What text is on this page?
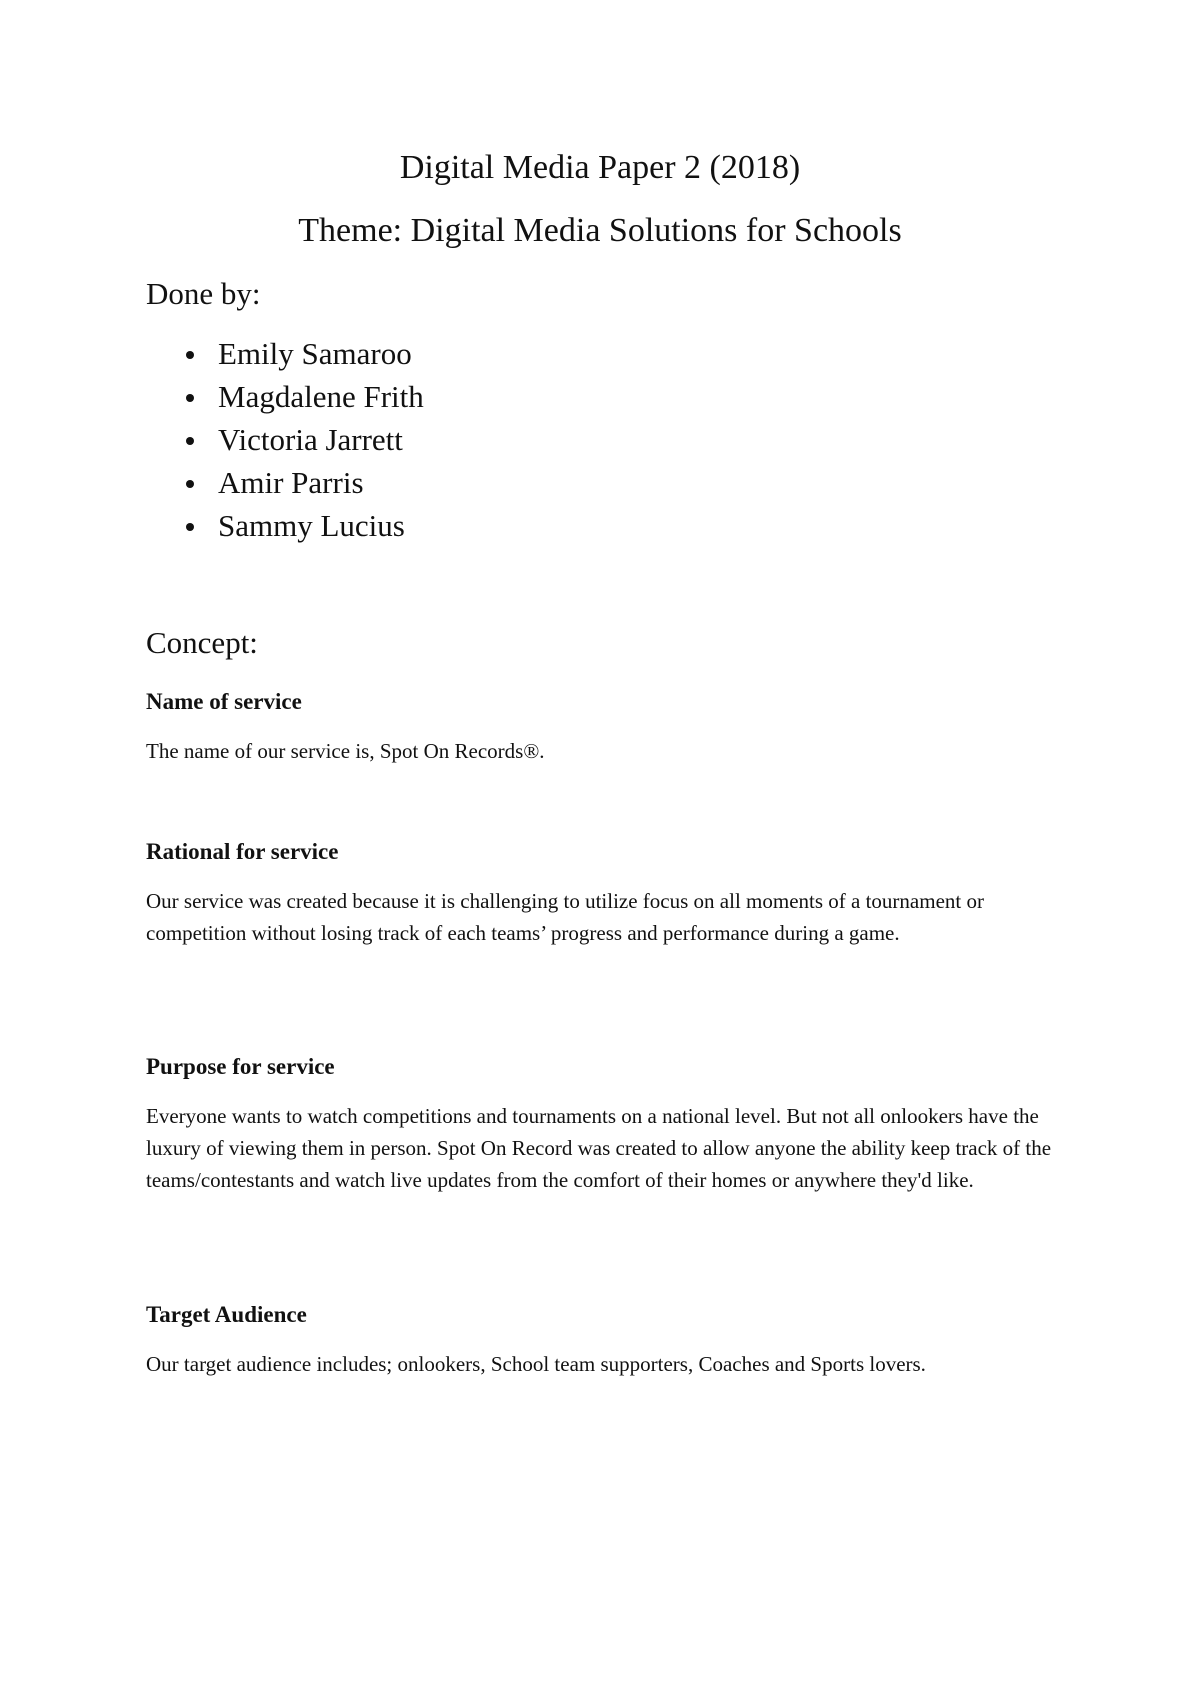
Digital Media Paper 2 (2018)
Theme: Digital Media Solutions for Schools
Done by:
Emily Samaroo
Magdalene Frith
Victoria Jarrett
Amir Parris
Sammy Lucius
Concept:
Name of service

The name of our service is, Spot On Records®.

Rational for service

Our service was created because it is challenging to utilize focus on all moments of a tournament or competition without losing track of each teams’ progress and performance during a game.

Purpose for service

Everyone wants to watch competitions and tournaments on a national level. But not all onlookers have the luxury of viewing them in person. Spot On Record was created to allow anyone the ability keep track of the teams/contestants and watch live updates from the comfort of their homes or anywhere they'd like.

Target Audience

Our target audience includes; onlookers, School team supporters, Coaches and Sports lovers.
